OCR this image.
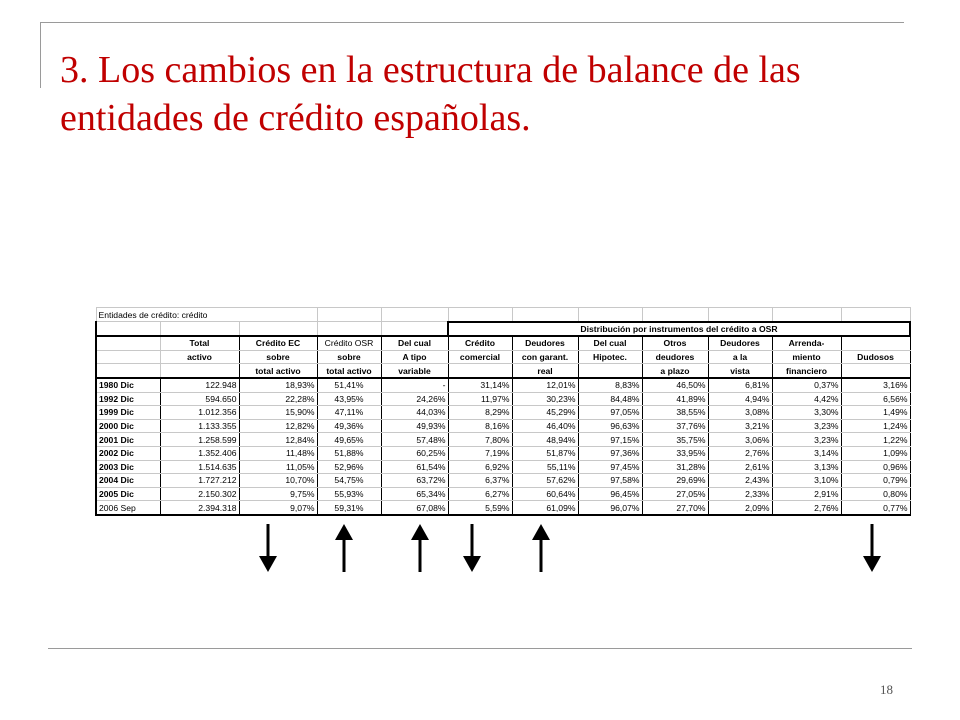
3. Los cambios en la estructura de balance de las entidades de crédito españolas.
Entidades de crédito: crédito											
					Distribución por instrumentos del crédito a OSR						
	Total	Crédito EC	Crédito OSR	Del cual	Crédito	Deudores	Del cual	Otros	Deudores	Arrenda-	
	activo	sobre	sobre	A tipo	comercial	con garant.	Hipotec.	deudores	a la	miento	Dudosos
		total activo	total activo	variable		real		a plazo	vista	financiero	
1980 Dic	122.948	18,93%	51,41%	-	31,14%	12,01%	8,83%	46,50%	6,81%	0,37%	3,16%
1992 Dic	594.650	22,28%	43,95%	24,26%	11,97%	30,23%	84,48%	41,89%	4,94%	4,42%	6,56%
1999 Dic	1.012.356	15,90%	47,11%	44,03%	8,29%	45,29%	97,05%	38,55%	3,08%	3,30%	1,49%
2000 Dic	1.133.355	12,82%	49,36%	49,93%	8,16%	46,40%	96,63%	37,76%	3,21%	3,23%	1,24%
2001 Dic	1.258.599	12,84%	49,65%	57,48%	7,80%	48,94%	97,15%	35,75%	3,06%	3,23%	1,22%
2002 Dic	1.352.406	11,48%	51,88%	60,25%	7,19%	51,87%	97,36%	33,95%	2,76%	3,14%	1,09%
2003 Dic	1.514.635	11,05%	52,96%	61,54%	6,92%	55,11%	97,45%	31,28%	2,61%	3,13%	0,96%
2004 Dic	1.727.212	10,70%	54,75%	63,72%	6,37%	57,62%	97,58%	29,69%	2,43%	3,10%	0,79%
2005 Dic	2.150.302	9,75%	55,93%	65,34%	6,27%	60,64%	96,45%	27,05%	2,33%	2,91%	0,80%
2006 Sep	2.394.318	9,07%	59,31%	67,08%	5,59%	61,09%	96,07%	27,70%	2,09%	2,76%	0,77%
18
